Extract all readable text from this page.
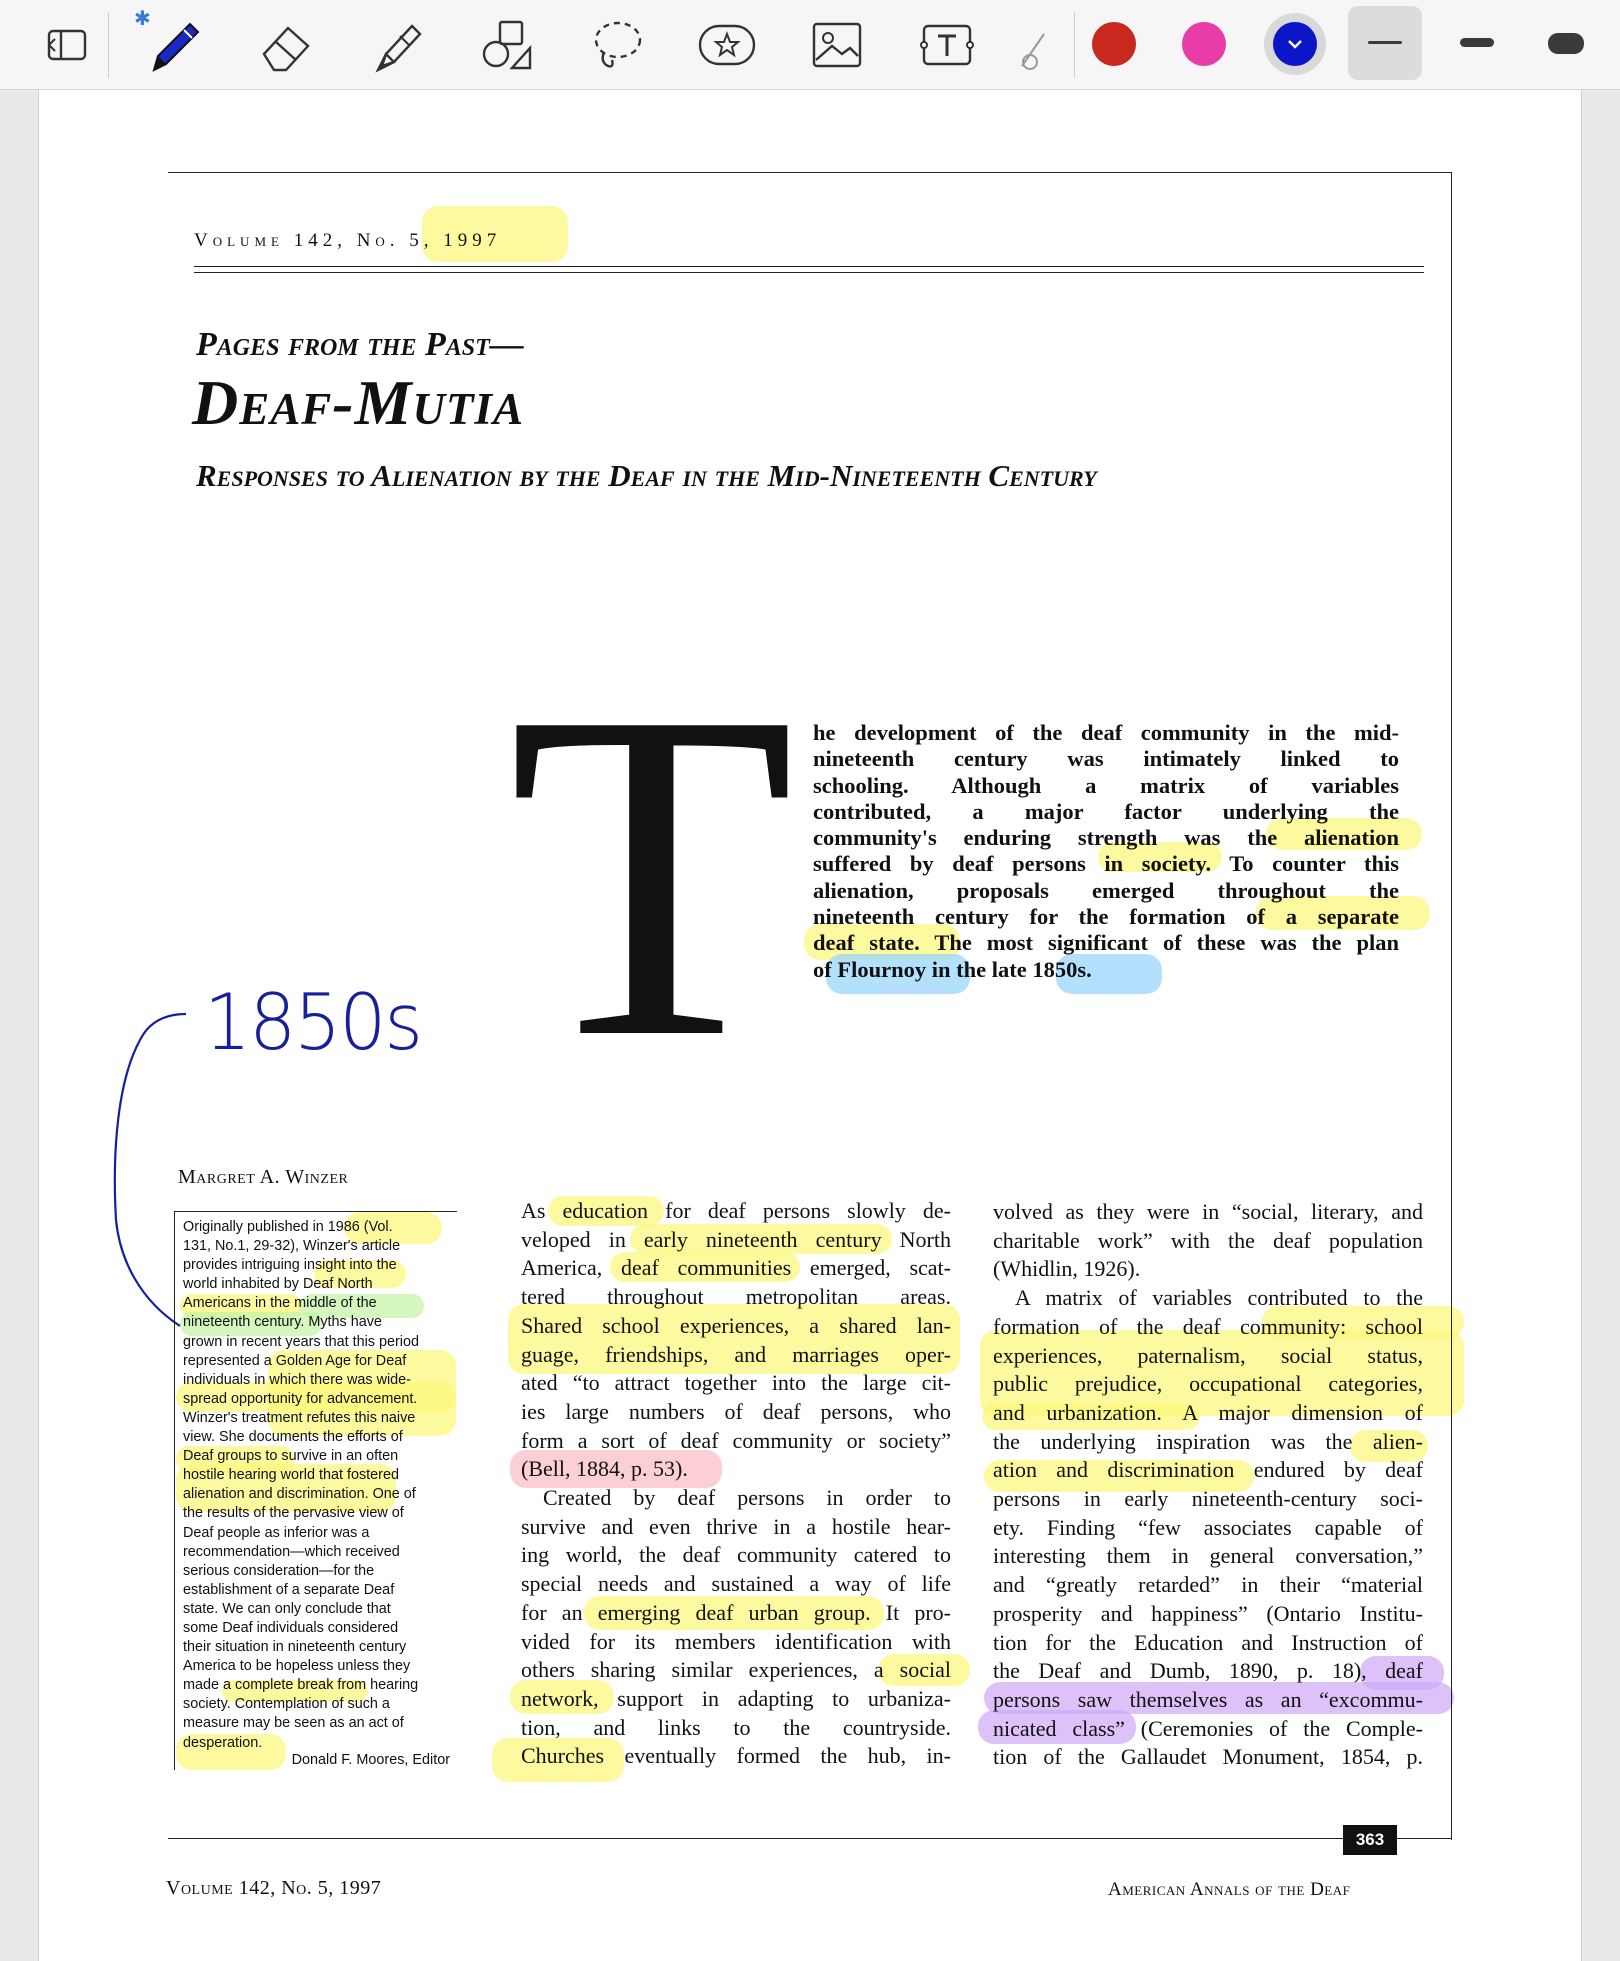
✱
Volume 142, No. 5, 1997
Pages from the Past—
Deaf-Mutia
Responses to Alienation by the Deaf in the Mid-Nineteenth Century
T he development of the deaf community in the mid-
nineteenth century was intimately linked to
schooling. Although a matrix of variables
contributed, a major factor underlying the
community's enduring strength was the alienation
suffered by deaf persons in society. To counter this
alienation, proposals emerged throughout the
nineteenth century for the formation of a separate
deaf state. The most significant of these was the plan
of Flournoy in the late 1850s.
1850s
Margret A. Winzer
Originally published in 1986 (Vol.
131, No.1, 29-32), Winzer's article
provides intriguing insight into the
world inhabited by Deaf North
Americans in the middle of the
nineteenth century. Myths have
grown in recent years that this period
represented a Golden Age for Deaf
individuals in which there was wide-
spread opportunity for advancement.
Winzer's treatment refutes this naive
view. She documents the efforts of
Deaf groups to survive in an often
hostile hearing world that fostered
alienation and discrimination. One of
the results of the pervasive view of
Deaf people as inferior was a
recommendation—which received
serious consideration—for the
establishment of a separate Deaf
state. We can only conclude that
some Deaf individuals considered
their situation in nineteenth century
America to be hopeless unless they
made a complete break from hearing
society. Contemplation of such a
measure may be seen as an act of
desperation.
Donald F. Moores, Editor
As education for deaf persons slowly de-
veloped in early nineteenth century North
America, deaf communities emerged, scat-
tered throughout metropolitan areas.
Shared school experiences, a shared lan-
guage, friendships, and marriages oper-
ated “to attract together into the large cit-
ies large numbers of deaf persons, who
form a sort of deaf community or society”
(Bell, 1884, p. 53).
 Created by deaf persons in order to
survive and even thrive in a hostile hear-
ing world, the deaf community catered to
special needs and sustained a way of life
for an emerging deaf urban group. It pro-
vided for its members identification with
others sharing similar experiences, a social
network, support in adapting to urbaniza-
tion, and links to the countryside.
Churches eventually formed the hub, in-
volved as they were in “social, literary, and
charitable work” with the deaf population
(Whidlin, 1926).
 A matrix of variables contributed to the
formation of the deaf community: school
experiences, paternalism, social status,
public prejudice, occupational categories,
and urbanization. A major dimension of
the underlying inspiration was the alien-
ation and discrimination endured by deaf
persons in early nineteenth-century soci-
ety. Finding “few associates capable of
interesting them in general conversation,”
and “greatly retarded” in their “material
prosperity and happiness” (Ontario Institu-
tion for the Education and Instruction of
the Deaf and Dumb, 1890, p. 18), deaf
persons saw themselves as an “excommu-
nicated class” (Ceremonies of the Comple-
tion of the Gallaudet Monument, 1854, p.
363
Volume 142, No. 5, 1997	American Annals of the Deaf
